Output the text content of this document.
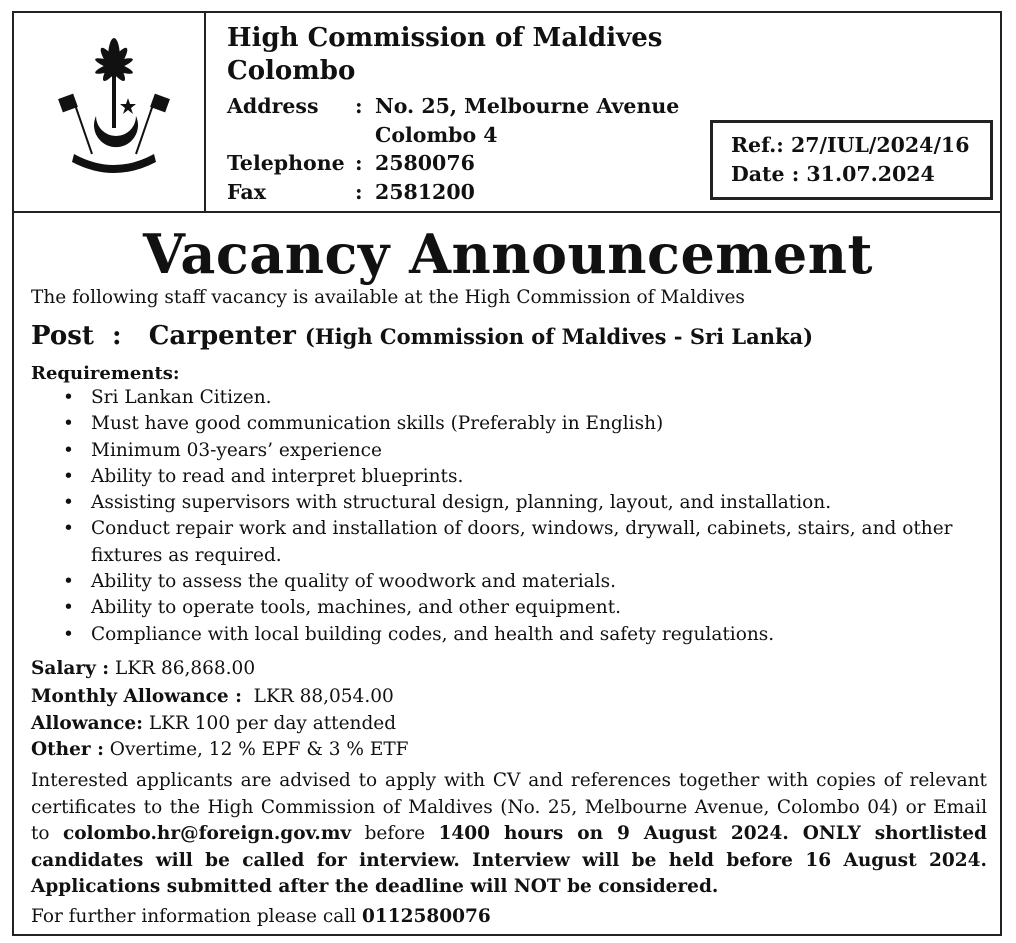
High Commission of Maldives
Colombo
Address	: No. 25, Melbourne Avenue
Colombo 4
Telephone : 2580076
Fax	: 2581200
Ref.: 27/IUL/2024/16
Date : 31.07.2024
Vacancy Announcement
The following staff vacancy is available at the High Commission of Maldives
Post : Carpenter (High Commission of Maldives - Sri Lanka)
Requirements:
• Sri Lankan Citizen.
• Must have good communication skills (Preferably in English)
• Minimum 03-years’ experience
• Ability to read and interpret blueprints.
• Assisting supervisors with structural design, planning, layout, and installation.
• Conduct repair work and installation of doors, windows, drywall, cabinets, stairs, and other fixtures as required.
• Ability to assess the quality of woodwork and materials.
• Ability to operate tools, machines, and other equipment.
• Compliance with local building codes, and health and safety regulations.
Salary : LKR 86,868.00
Monthly Allowance : LKR 88,054.00
Allowance: LKR 100 per day attended
Other : Overtime, 12 % EPF & 3 % ETF
Interested applicants are advised to apply with CV and references together with copies of relevant certificates to the High Commission of Maldives (No. 25, Melbourne Avenue, Colombo 04) or Email to colombo.hr@foreign.gov.mv before 1400 hours on 9 August 2024. ONLY shortlisted candidates will be called for interview. Interview will be held before 16 August 2024. Applications submitted after the deadline will NOT be considered.
For further information please call 0112580076
